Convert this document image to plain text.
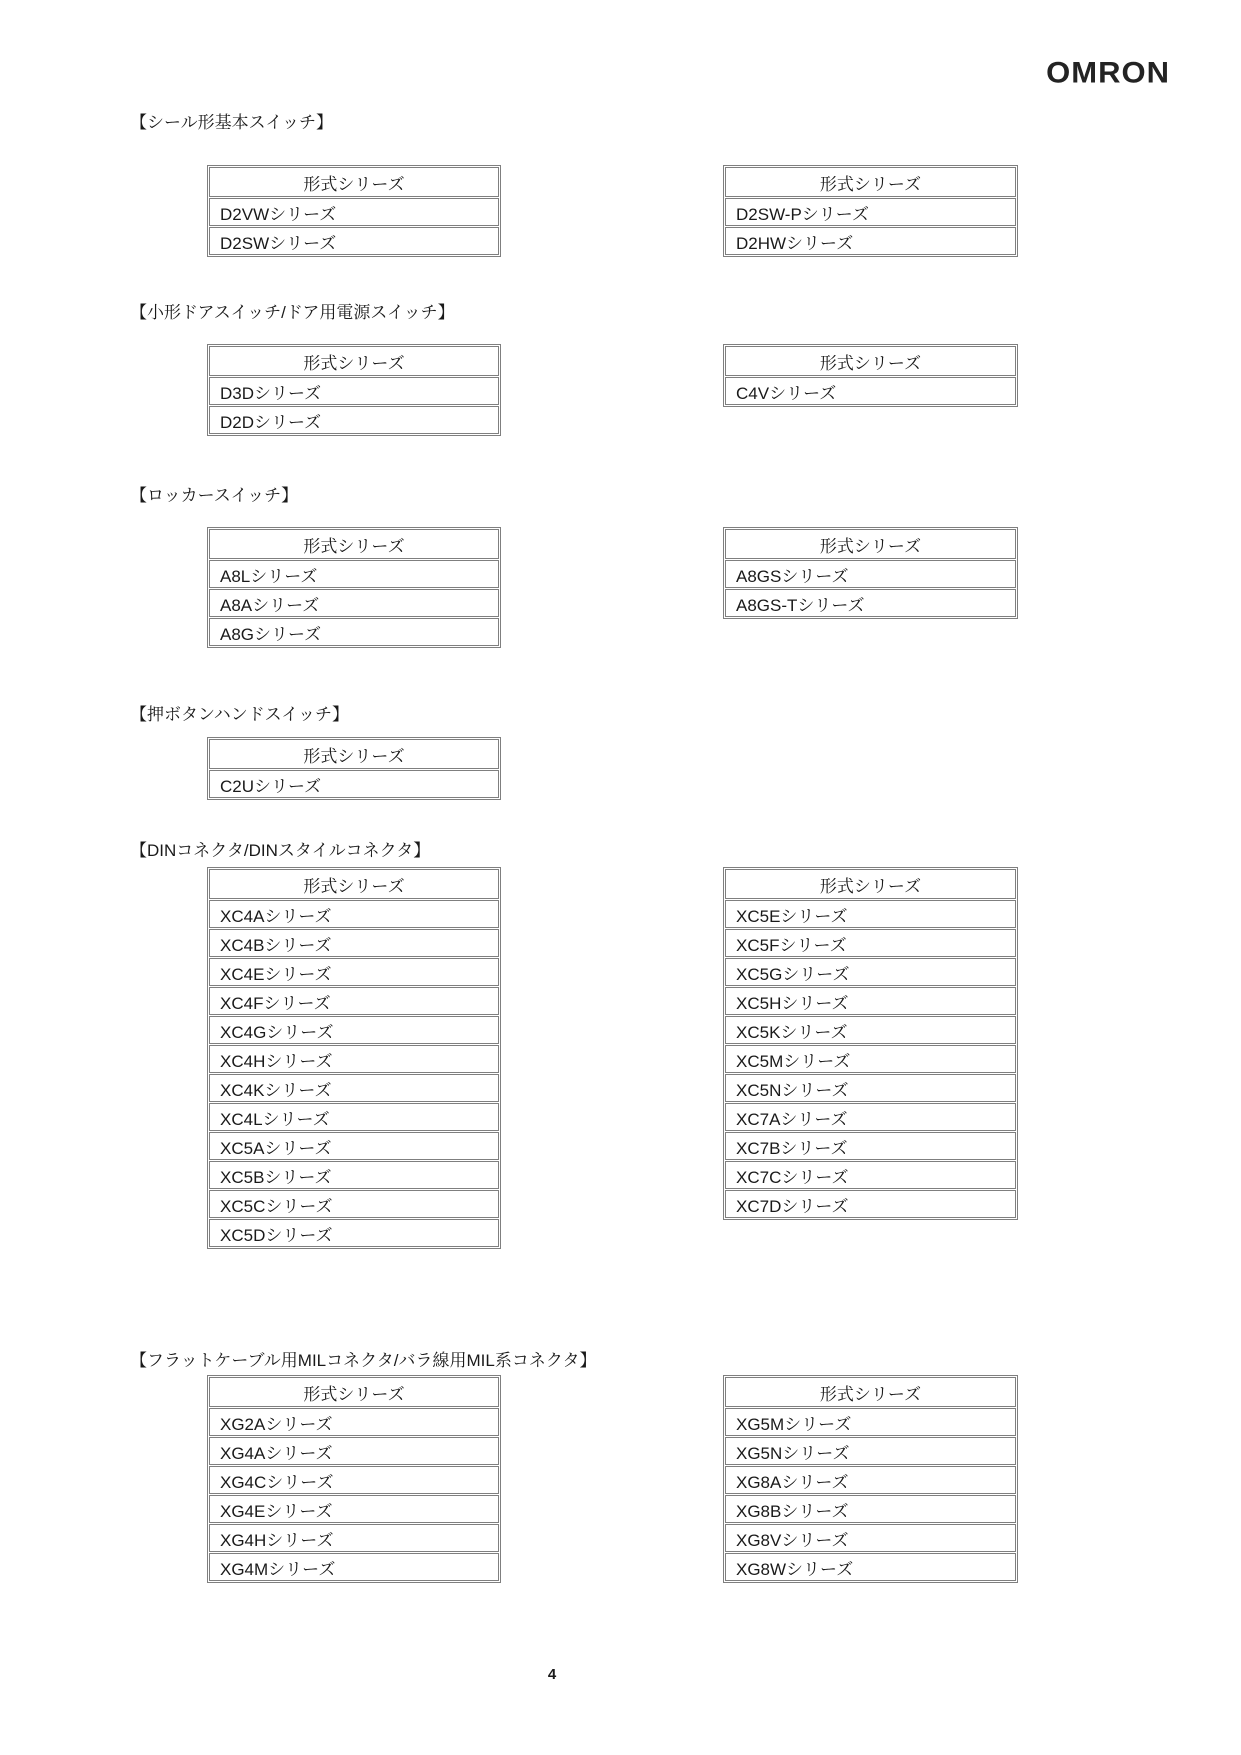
OMRON
【シール形基本スイッチ】
形式シリーズ
D2VWシリーズ
D2SWシリーズ
形式シリーズ
D2SW-Pシリーズ
D2HWシリーズ
【小形ドアスイッチ/ドア用電源スイッチ】
形式シリーズ
D3Dシリーズ
D2Dシリーズ
形式シリーズ
C4Vシリーズ
【ロッカースイッチ】
形式シリーズ
A8Lシリーズ
A8Aシリーズ
A8Gシリーズ
形式シリーズ
A8GSシリーズ
A8GS-Tシリーズ
【押ボタンハンドスイッチ】
形式シリーズ
C2Uシリーズ
【DINコネクタ/DINスタイルコネクタ】
形式シリーズ
XC4Aシリーズ
XC4Bシリーズ
XC4Eシリーズ
XC4Fシリーズ
XC4Gシリーズ
XC4Hシリーズ
XC4Kシリーズ
XC4Lシリーズ
XC5Aシリーズ
XC5Bシリーズ
XC5Cシリーズ
XC5Dシリーズ
形式シリーズ
XC5Eシリーズ
XC5Fシリーズ
XC5Gシリーズ
XC5Hシリーズ
XC5Kシリーズ
XC5Mシリーズ
XC5Nシリーズ
XC7Aシリーズ
XC7Bシリーズ
XC7Cシリーズ
XC7Dシリーズ
【フラットケーブル用MILコネクタ/バラ線用MIL系コネクタ】
形式シリーズ
XG2Aシリーズ
XG4Aシリーズ
XG4Cシリーズ
XG4Eシリーズ
XG4Hシリーズ
XG4Mシリーズ
形式シリーズ
XG5Mシリーズ
XG5Nシリーズ
XG8Aシリーズ
XG8Bシリーズ
XG8Vシリーズ
XG8Wシリーズ
4
